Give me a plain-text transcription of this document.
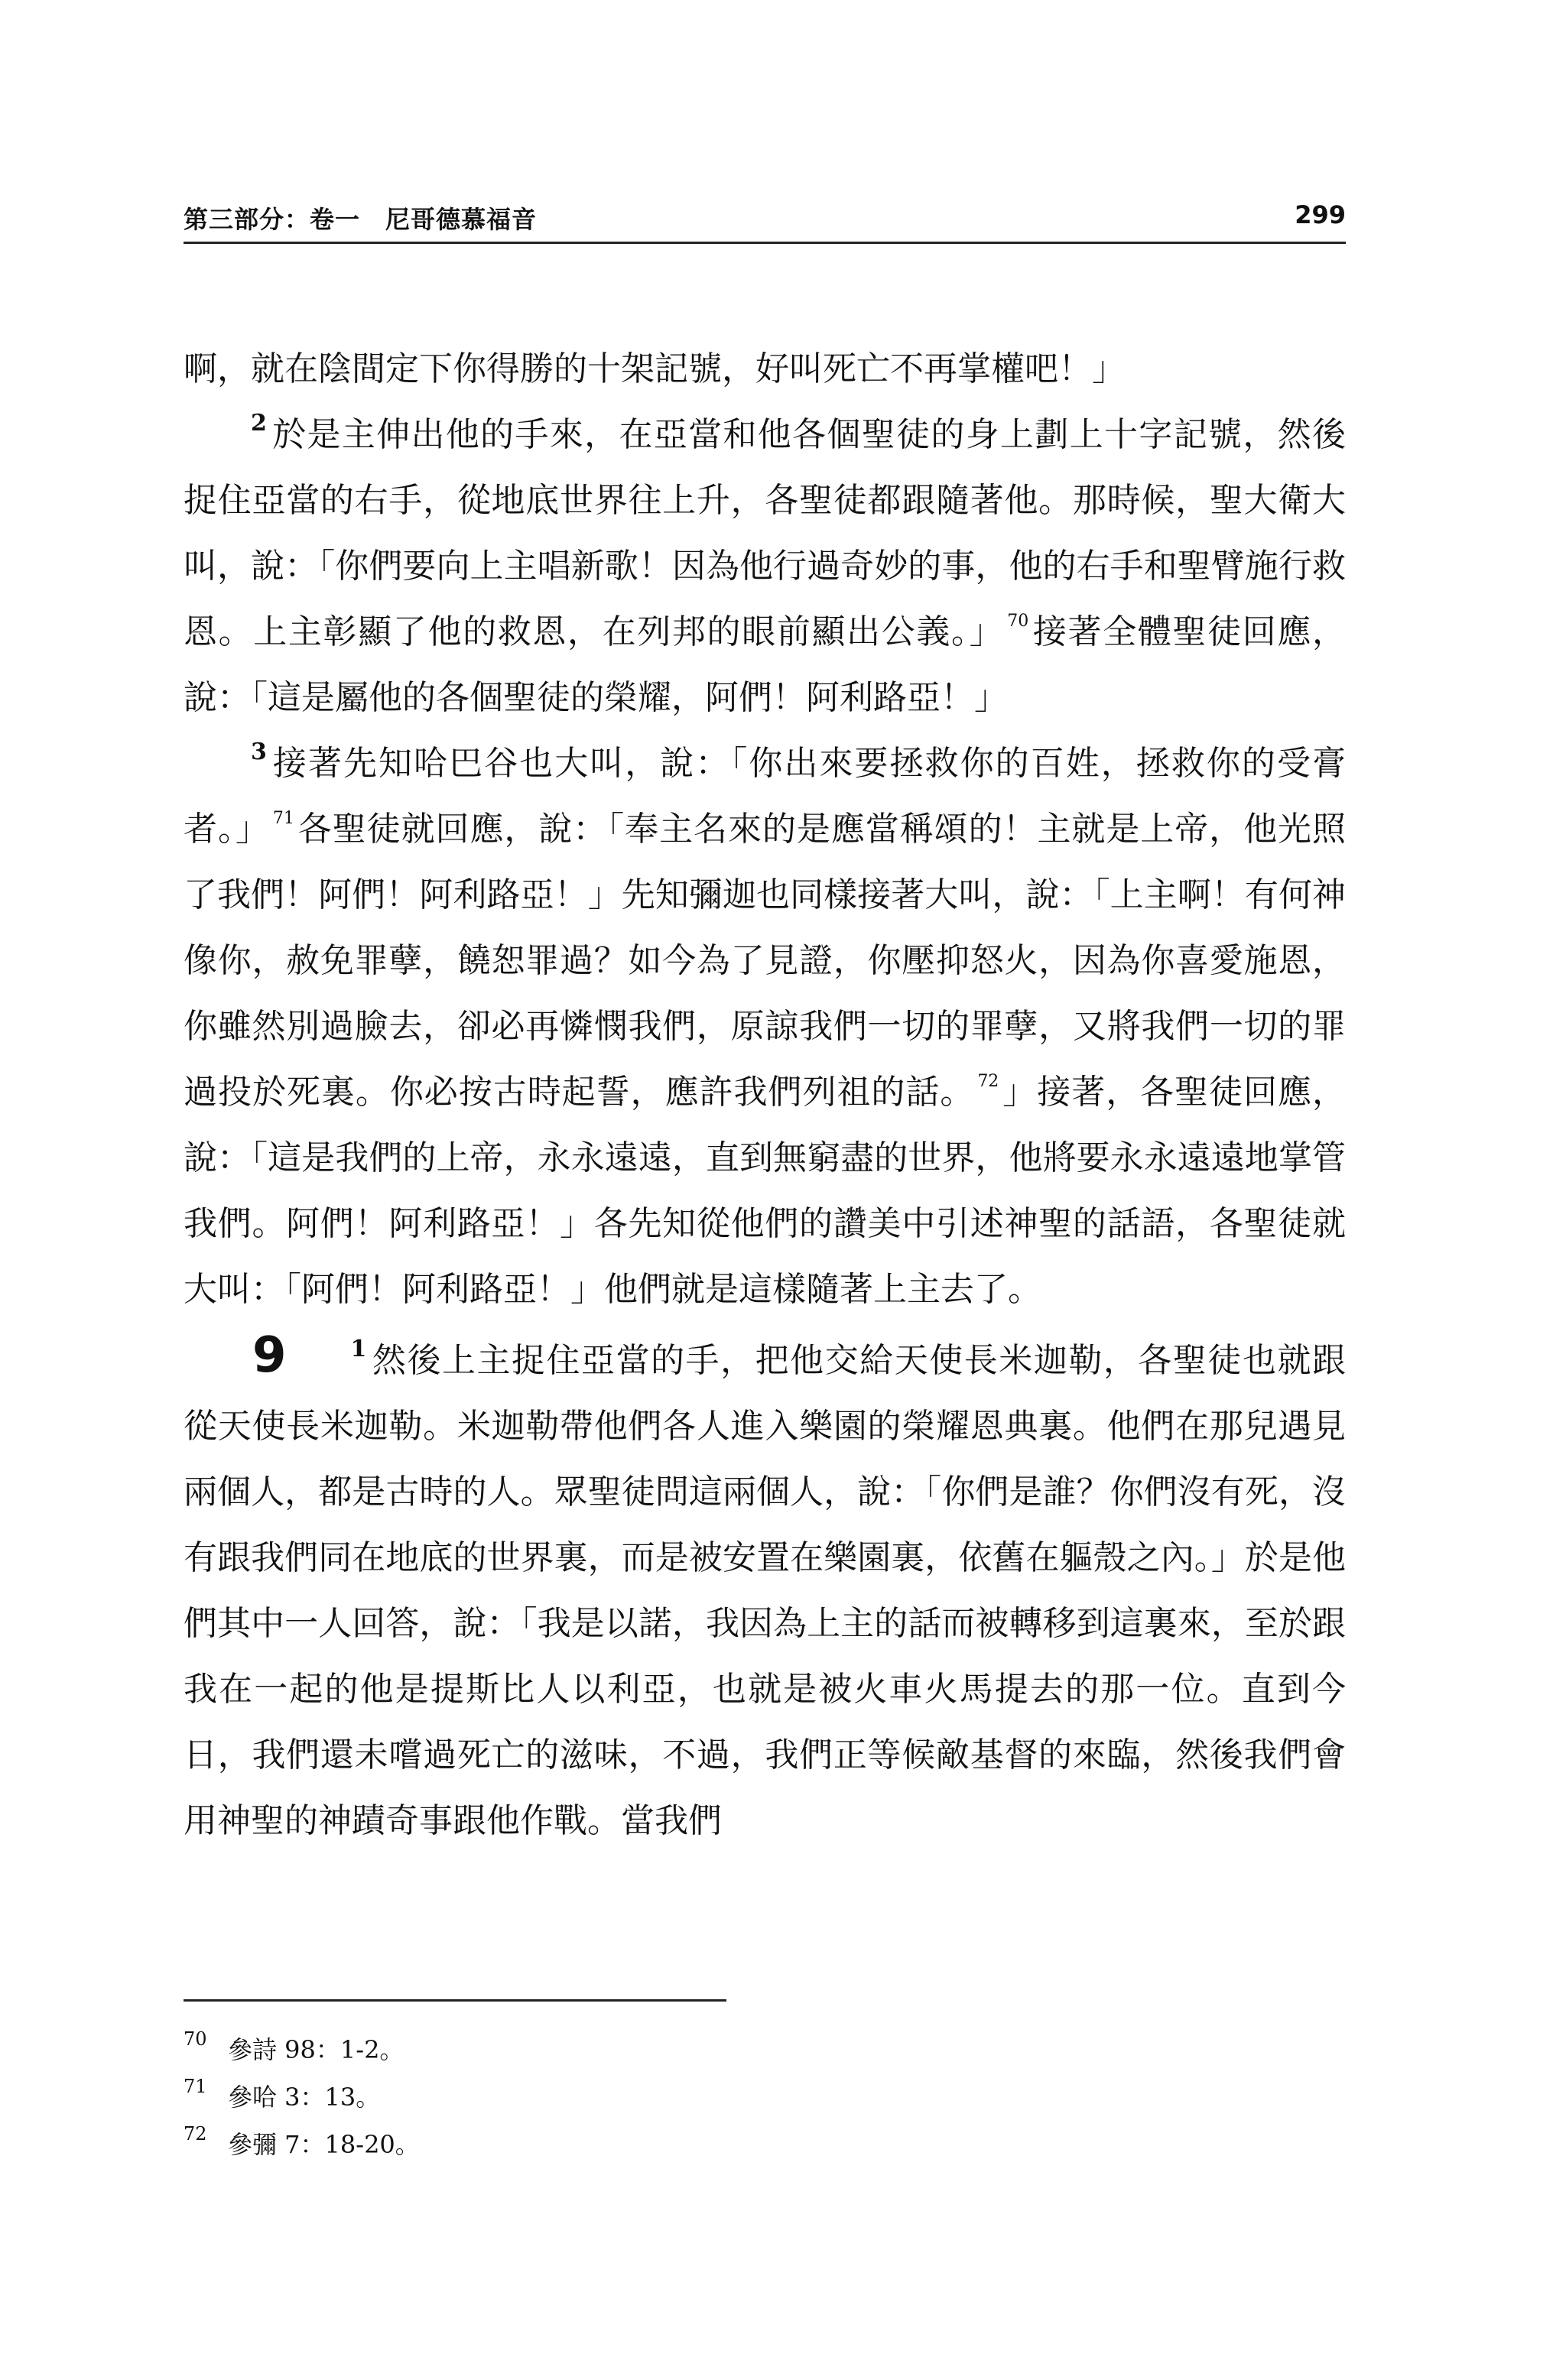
第三部分：卷一　尼哥德慕福音	299

啊，就在陰間定下你得勝的十架記號，好叫死亡不再掌權吧！」

$^2$ 於是主伸出他的手來，在亞當和他各個聖徒的身上劃上十字記號，然後捉住亞當的右手，從地底世界往上升，各聖徒都跟隨著他。那時候，聖大衛大叫，說：「你們要向上主唱新歌！因為他行過奇妙的事，他的右手和聖臂施行救恩。上主彰顯了他的救恩，在列邦的眼前顯出公義。」 $^{70}$接著全體聖徒回應，說：「這是屬他的各個聖徒的榮耀，阿們！阿利路亞！」

$^3$ 接著先知哈巴谷也大叫，說：「你出來要拯救你的百姓，拯救你的受膏者。」 $^{71}$各聖徒就回應，說：「奉主名來的是應當稱頌的！主就是上帝，他光照了我們！阿們！阿利路亞！」先知彌迦也同樣接著大叫，說：「上主啊！有何神像你，赦免罪孽，饒恕罪過？如今為了見證，你壓抑怒火，因為你喜愛施恩，你雖然別過臉去，卻必再憐憫我們，原諒我們一切的罪孽，又將我們一切的罪過投於死裏。你必按古時起誓，應許我們列祖的話。 $^{72}$」接著，各聖徒回應，說：「這是我們的上帝，永永遠遠，直到無窮盡的世界，他將要永永遠遠地掌管我們。阿們！阿利路亞！」各先知從他們的讚美中引述神聖的話語，各聖徒就大叫：「阿們！阿利路亞！」他們就是這樣隨著上主去了。

9	$^1$ 然後上主捉住亞當的手，把他交給天使長米迦勒，各聖徒也就跟從天使長米迦勒。米迦勒帶他們各人進入樂園的榮耀恩典裏。他們在那兒遇見兩個人，都是古時的人。眾聖徒問這兩個人，說：「你們是誰？你們沒有死，沒有跟我們同在地底的世界裏，而是被安置在樂園裏，依舊在軀殼之內。」於是他們其中一人回答，說：「我是以諾，我因為上主的話而被轉移到這裏來，至於跟我在一起的他是提斯比人以利亞，也就是被火車火馬提去的那一位。直到今日，我們還未嚐過死亡的滋味，不過，我們正等候敵基督的來臨，然後我們會用神聖的神蹟奇事跟他作戰。當我們

70 參詩 98：1-2。
71 參哈 3：13。
72 參彌 7：18-20。
